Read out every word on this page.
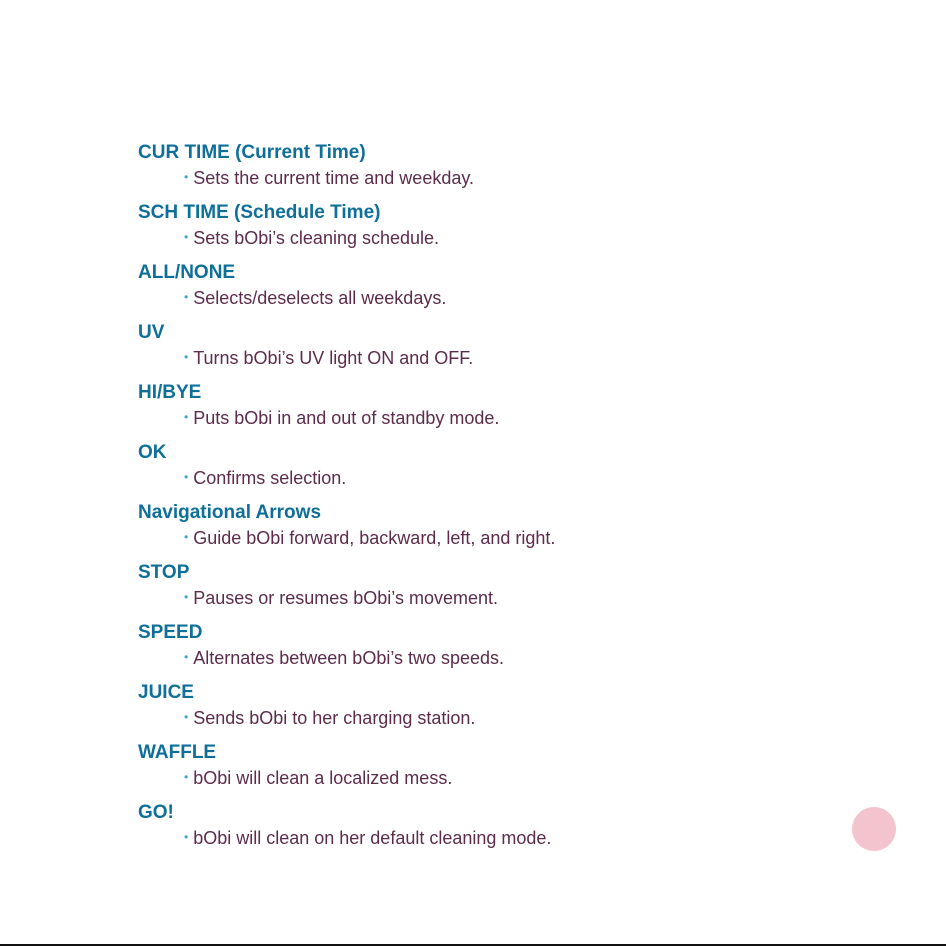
CUR TIME (Current Time)
• Sets the current time and weekday.
SCH TIME (Schedule Time)
• Sets bObi’s cleaning schedule.
ALL/NONE
• Selects/deselects all weekdays.
UV
• Turns bObi’s UV light ON and OFF.
HI/BYE
• Puts bObi in and out of standby mode.
OK
• Confirms selection.
Navigational Arrows
• Guide bObi forward, backward, left, and right.
STOP
• Pauses or resumes bObi’s movement.
SPEED
• Alternates between bObi’s two speeds.
JUICE
• Sends bObi to her charging station.
WAFFLE
• bObi will clean a localized mess.
GO!
• bObi will clean on her default cleaning mode.
